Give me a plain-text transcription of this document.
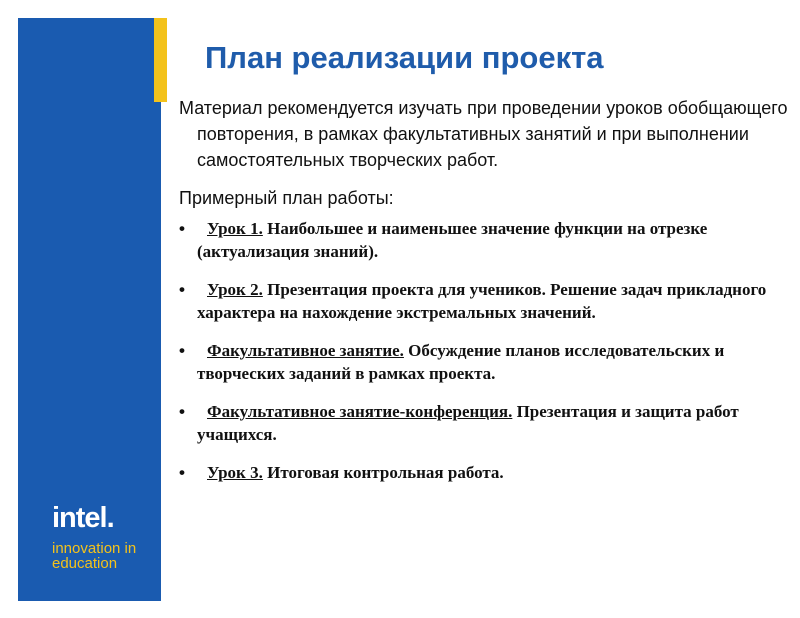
intel.
innovation in
education
План реализации проекта

Материал рекомендуется изучать при проведении уроков обобщающего повторения, в рамках факультативных занятий и при выполнении самостоятельных творческих работ.

Примерный план работы:
• Урок 1. Наибольшее и наименьшее значение функции на отрезке (актуализация знаний).
• Урок 2. Презентация проекта для учеников. Решение задач прикладного характера на нахождение экстремальных значений.
• Факультативное занятие. Обсуждение планов исследовательских и творческих заданий в рамках проекта.
• Факультативное занятие-конференция. Презентация и защита работ учащихся.
• Урок 3. Итоговая контрольная работа.
